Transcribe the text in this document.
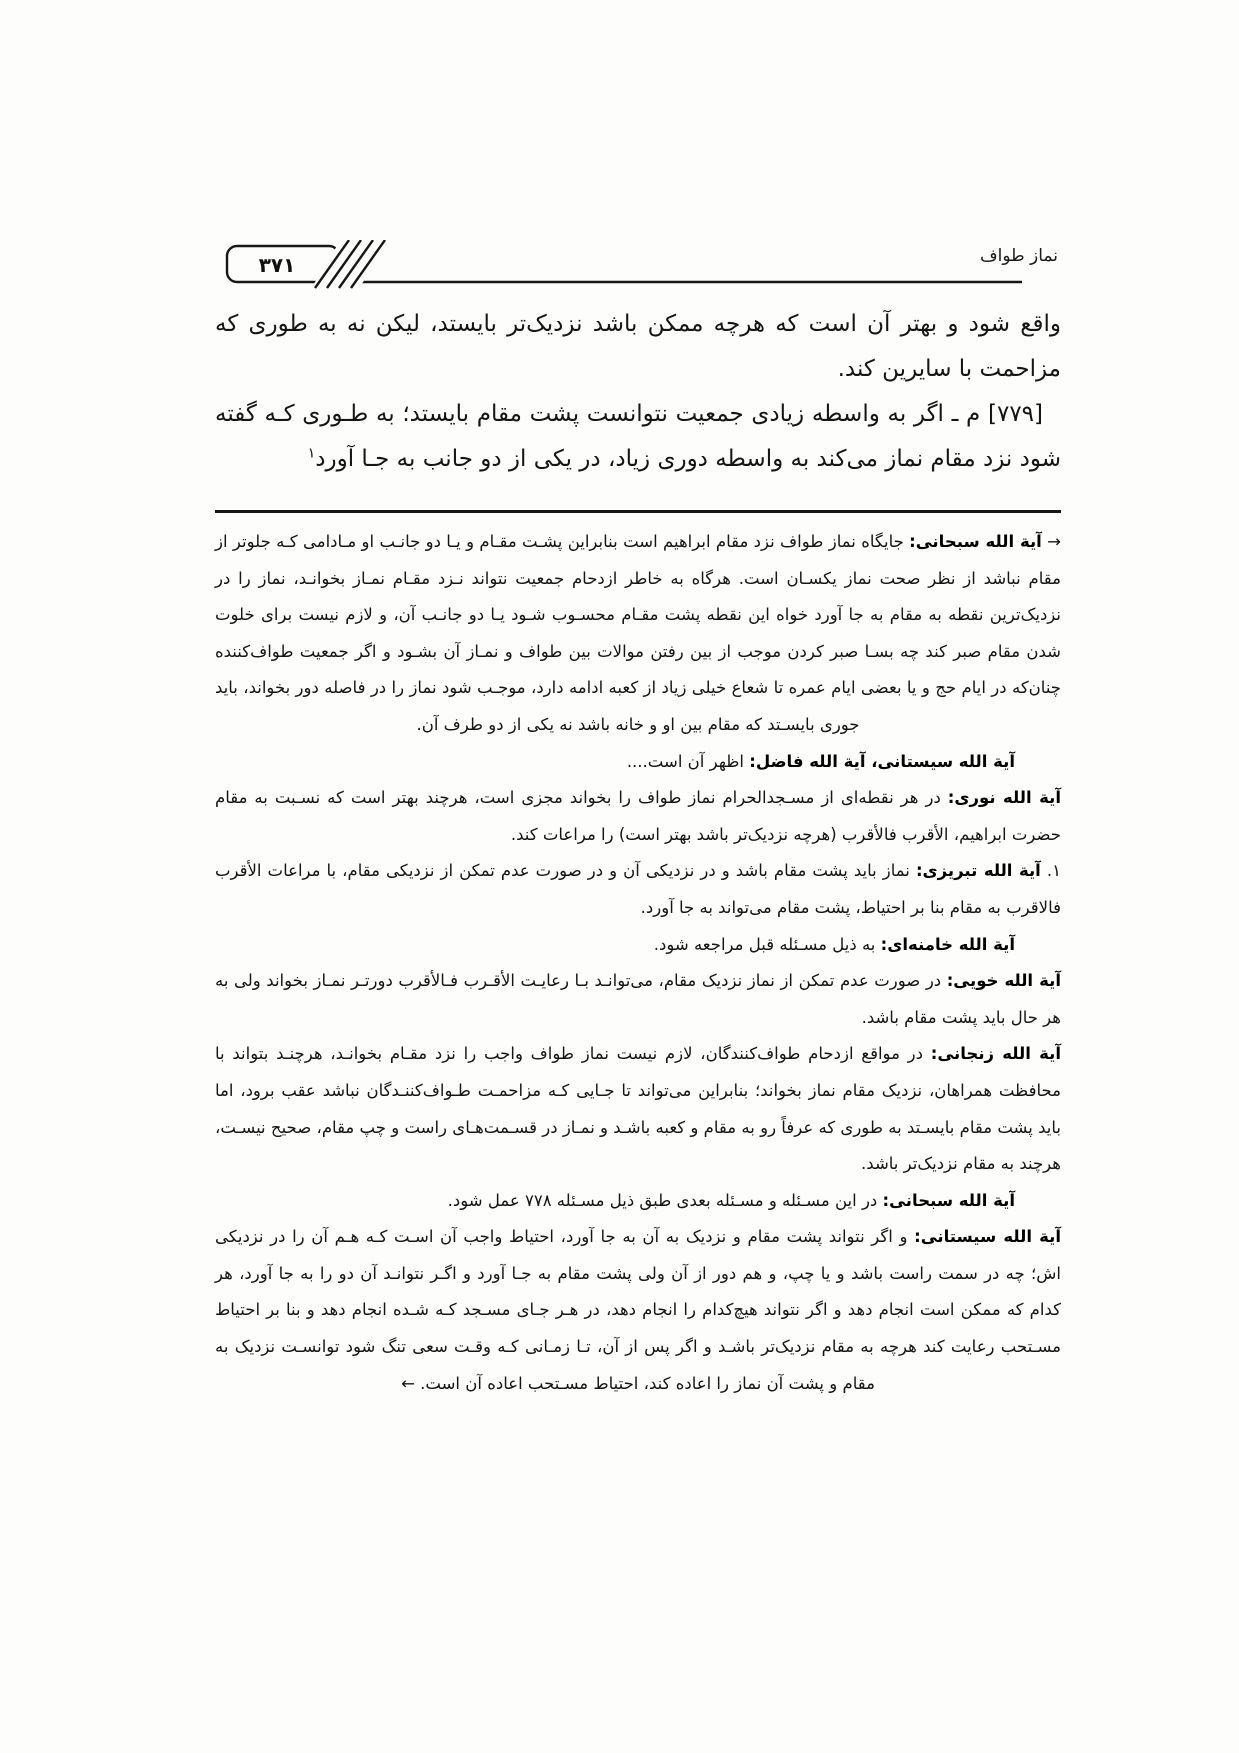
نماز طواف
۳۷۱

واقع شود و بهتر آن است که هرچه ممکن باشد نزدیک‌تر بایستد، لیکن نه به طوری که مزاحمت با سایرین کند.

[۷۷۹] م ـ اگر به واسطه زیادی جمعیت نتوانست پشت مقام بایستد؛ به طـوری کـه گفته شود نزد مقام نماز می‌کند به واسطه دوری زیاد، در یکی از دو جانب به جـا آورد$^۱$

→ آیة الله سبحانی: جایگاه نماز طواف نزد مقام ابراهیم است بنابراین پشـت مقـام و یـا دو جانـب او مـادامی کـه جلوتر از مقام نباشد از نظر صحت نماز یکسـان است. هرگاه به خاطر ازدحام جمعیت نتواند نـزد مقـام نمـاز بخوانـد، نماز را در نزدیک‌ترین نقطه به مقام به جا آورد خواه این نقطه پشت مقـام محسـوب شـود یـا دو جانـب آن، و لازم نیست برای خلوت شدن مقام صبر کند چه بسـا صبر کردن موجب از بین رفتن موالات بین طواف و نمـاز آن بشـود و اگر جمعیت طواف‌کننده چنان‌که در ایام حج و یا بعضی ایام عمره تا شعاع خیلی زیاد از کعبه ادامه دارد، موجـب شود نماز را در فاصله دور بخواند، باید جوری بایسـتد که مقام بین او و خانه باشد نه یکی از دو طرف آن.

آیة الله سیستانی، آیة الله فاضل: اظهر آن است....

آیة الله نوری: در هر نقطه‌ای از مسـجدالحرام نماز طواف را بخواند مجزی است، هرچند بهتر است که نسـبت به مقام حضرت ابراهیم، الأقرب فالأقرب (هرچه نزدیک‌تر باشد بهتر است) را مراعات کند.

۱. آیة الله تبریزی: نماز باید پشت مقام باشد و در نزدیکی آن و در صورت عدم تمکن از نزدیکی مقام، با مراعات الأقرب فالاقرب به مقام بنا بر احتیاط، پشت مقام می‌تواند به جا آورد.

آیة الله خامنه‌ای: به ذیل مسـئله قبل مراجعه شود.

آیة الله خویی: در صورت عدم تمکن از نماز نزدیک مقام، می‌توانـد بـا رعایـت الأقـرب فـالأقرب دورتـر نمـاز بخواند ولی به هر حال باید پشت مقام باشد.

آیة الله زنجانی: در مواقع ازدحام طواف‌کنندگان، لازم نیست نماز طواف واجب را نزد مقـام بخوانـد، هرچنـد بتواند با محافظت همراهان، نزدیک مقام نماز بخواند؛ بنابراین می‌تواند تا جـایی کـه مزاحمـت طـواف‌کننـدگان نباشد عقب برود، اما باید پشت مقام بایسـتد به طوری که عرفاً رو به مقام و کعبه باشـد و نمـاز در قسـمت‌هـای راست و چپ مقام، صحیح نیسـت، هرچند به مقام نزدیک‌تر باشد.

آیة الله سبحانی: در این مسـئله و مسـئله بعدی طبق ذیل مسـئله ۷۷۸ عمل شود.

آیة الله سیستانی: و اگر نتواند پشت مقام و نزدیک به آن به جا آورد، احتیاط واجب آن اسـت کـه هـم آن را در نزدیکی اش؛ چه در سمت راست باشد و یا چپ، و هم دور از آن ولی پشت مقام به جـا آورد و اگـر نتوانـد آن دو را به جا آورد، هر کدام که ممکن است انجام دهد و اگر نتواند هیچ‌کدام را انجام دهد، در هـر جـای مسـجد کـه شـده انجام دهد و بنا بر احتیاط مسـتحب رعایت کند هرچه به مقام نزدیک‌تر باشـد و اگر پس از آن، تـا زمـانی کـه وقـت سعی تنگ شود توانسـت نزدیک به مقام و پشت آن نماز را اعاده کند، احتیاط مسـتحب اعاده آن است. ←
